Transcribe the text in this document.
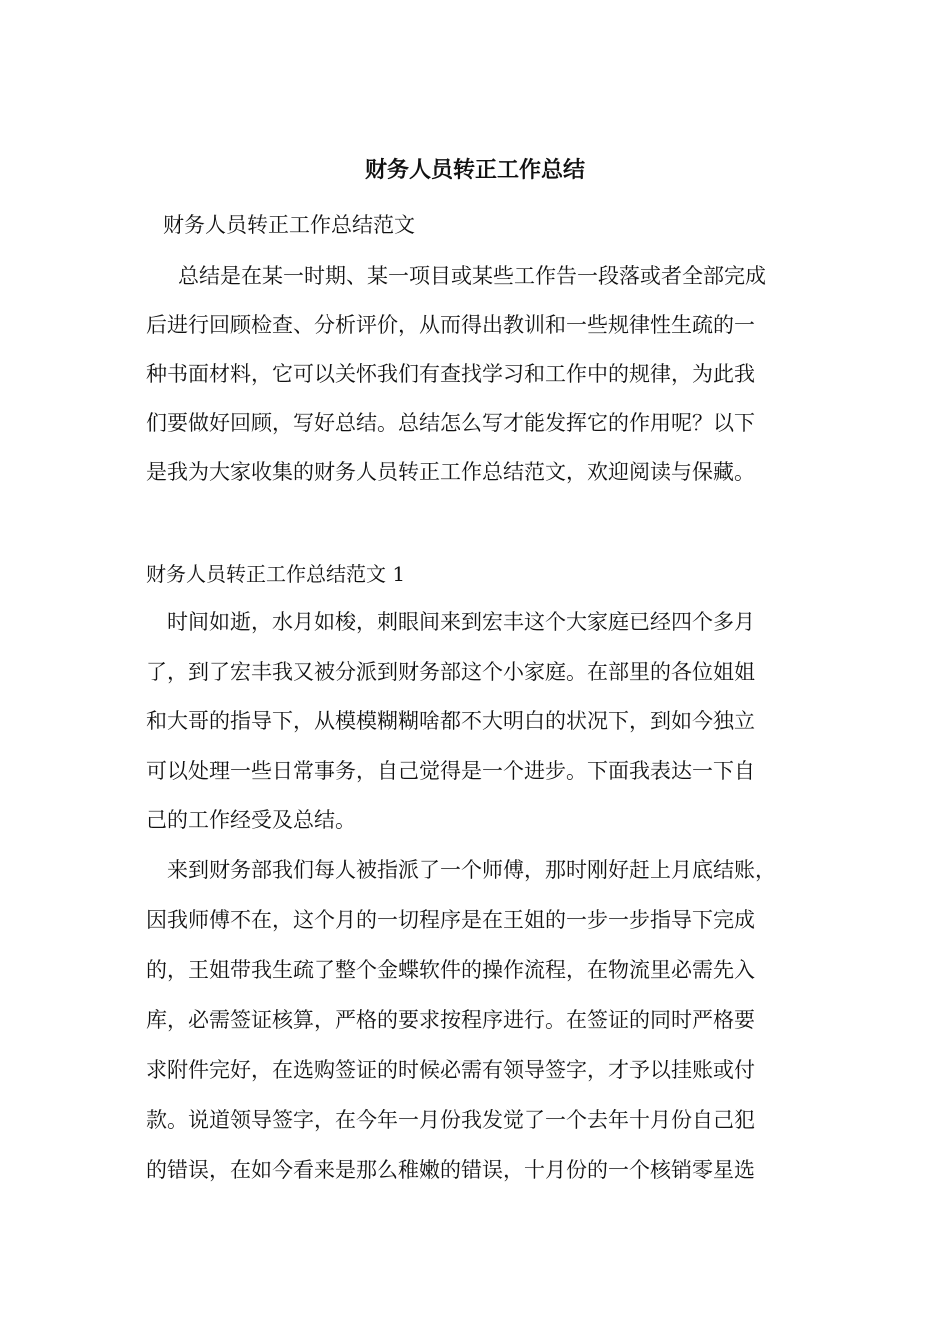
财务人员转正工作总结
财务人员转正工作总结范文
总结是在某一时期、某一项目或某些工作告一段落或者全部完成
后进行回顾检查、分析评价，从而得出教训和一些规律性生疏的一
种书面材料，它可以关怀我们有查找学习和工作中的规律，为此我
们要做好回顾，写好总结。总结怎么写才能发挥它的作用呢？以下
是我为大家收集的财务人员转正工作总结范文，欢迎阅读与保藏。
财务人员转正工作总结范文 1
时间如逝，水月如梭，刺眼间来到宏丰这个大家庭已经四个多月
了，到了宏丰我又被分派到财务部这个小家庭。在部里的各位姐姐
和大哥的指导下，从模模糊糊啥都不大明白的状况下，到如今独立
可以处理一些日常事务，自己觉得是一个进步。下面我表达一下自
己的工作经受及总结。
来到财务部我们每人被指派了一个师傅，那时刚好赶上月底结账，
因我师傅不在，这个月的一切程序是在王姐的一步一步指导下完成
的，王姐带我生疏了整个金蝶软件的操作流程，在物流里必需先入
库，必需签证核算，严格的要求按程序进行。在签证的同时严格要
求附件完好，在选购签证的时候必需有领导签字，才予以挂账或付
款。说道领导签字，在今年一月份我发觉了一个去年十月份自己犯
的错误，在如今看来是那么稚嫩的错误，十月份的一个核销零星选
